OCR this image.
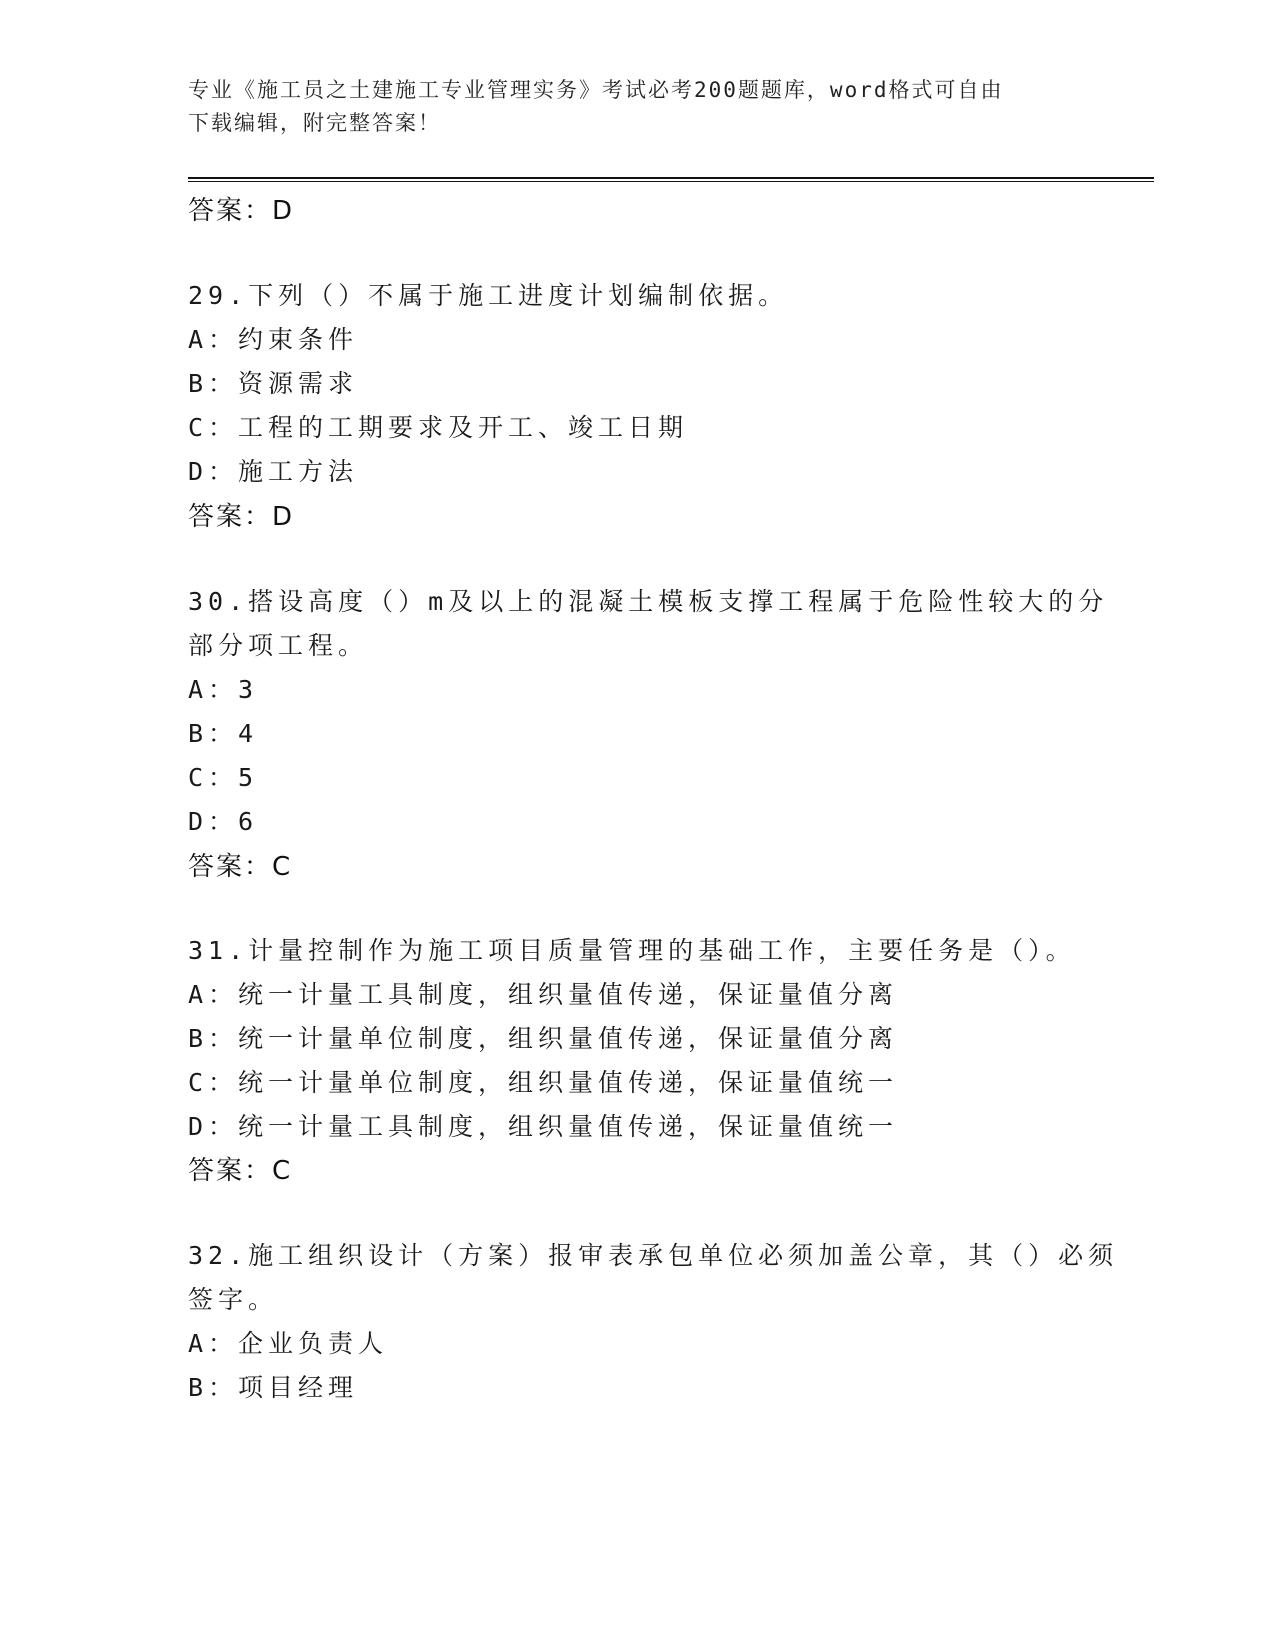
专业《施工员之土建施工专业管理实务》考试必考200题题库，word格式可自由
下载编辑，附完整答案！
答案：D
29.下列（）不属于施工进度计划编制依据。
A：约束条件
B：资源需求
C：工程的工期要求及开工、竣工日期
D：施工方法
答案：D
30.搭设高度（）m及以上的混凝土模板支撑工程属于危险性较大的分
部分项工程。
A：3
B：4
C：5
D：6
答案：C
31.计量控制作为施工项目质量管理的基础工作，主要任务是（）。
A：统一计量工具制度，组织量值传递，保证量值分离
B：统一计量单位制度，组织量值传递，保证量值分离
C：统一计量单位制度，组织量值传递，保证量值统一
D：统一计量工具制度，组织量值传递，保证量值统一
答案：C
32.施工组织设计（方案）报审表承包单位必须加盖公章，其（）必须
签字。
A：企业负责人
B：项目经理
